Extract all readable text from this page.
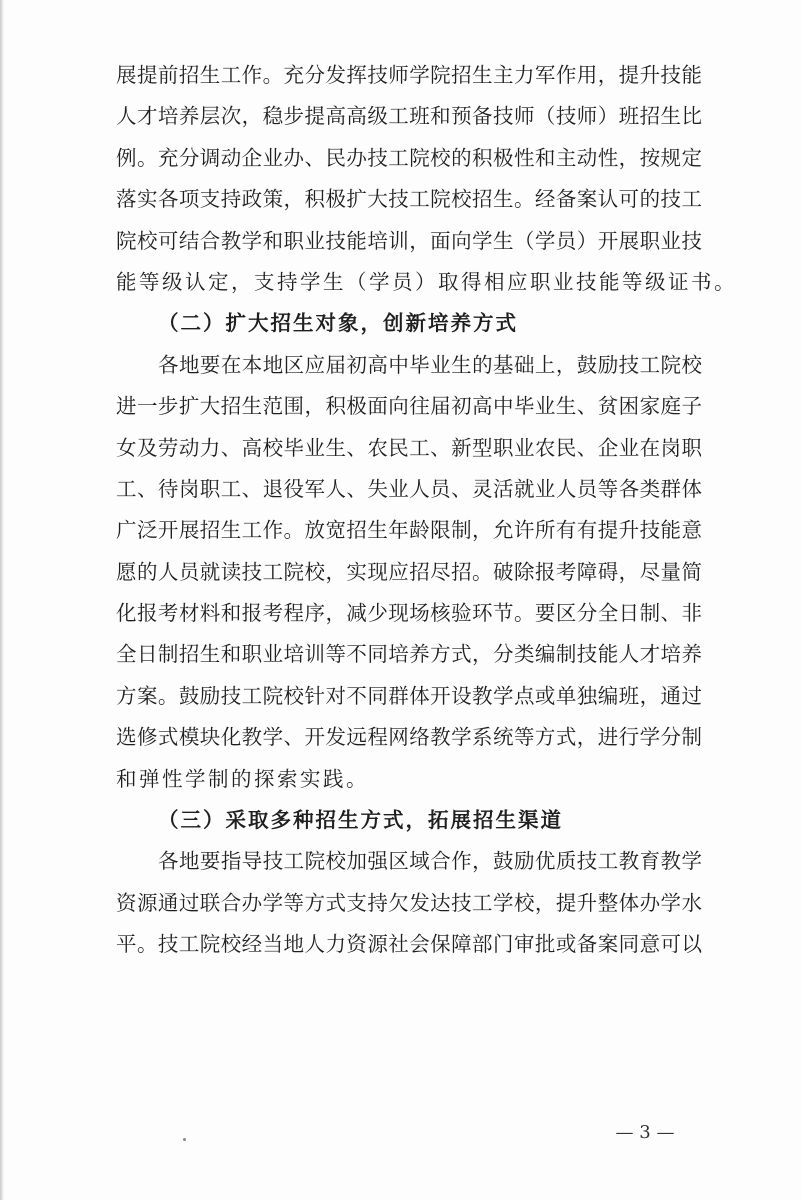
展提前招生工作。充分发挥技师学院招生主力军作用，提升技能
人才培养层次，稳步提高高级工班和预备技师（技师）班招生比
例。充分调动企业办、民办技工院校的积极性和主动性，按规定
落实各项支持政策，积极扩大技工院校招生。经备案认可的技工
院校可结合教学和职业技能培训，面向学生（学员）开展职业技
能等级认定，支持学生（学员）取得相应职业技能等级证书。
（二）扩大招生对象，创新培养方式
各地要在本地区应届初高中毕业生的基础上，鼓励技工院校
进一步扩大招生范围，积极面向往届初高中毕业生、贫困家庭子
女及劳动力、高校毕业生、农民工、新型职业农民、企业在岗职
工、待岗职工、退役军人、失业人员、灵活就业人员等各类群体
广泛开展招生工作。放宽招生年龄限制，允许所有有提升技能意
愿的人员就读技工院校，实现应招尽招。破除报考障碍，尽量简
化报考材料和报考程序，减少现场核验环节。要区分全日制、非
全日制招生和职业培训等不同培养方式，分类编制技能人才培养
方案。鼓励技工院校针对不同群体开设教学点或单独编班，通过
选修式模块化教学、开发远程网络教学系统等方式，进行学分制
和弹性学制的探索实践。
（三）采取多种招生方式，拓展招生渠道
各地要指导技工院校加强区域合作，鼓励优质技工教育教学
资源通过联合办学等方式支持欠发达技工学校，提升整体办学水
平。技工院校经当地人力资源社会保障部门审批或备案同意可以
— 3 —
